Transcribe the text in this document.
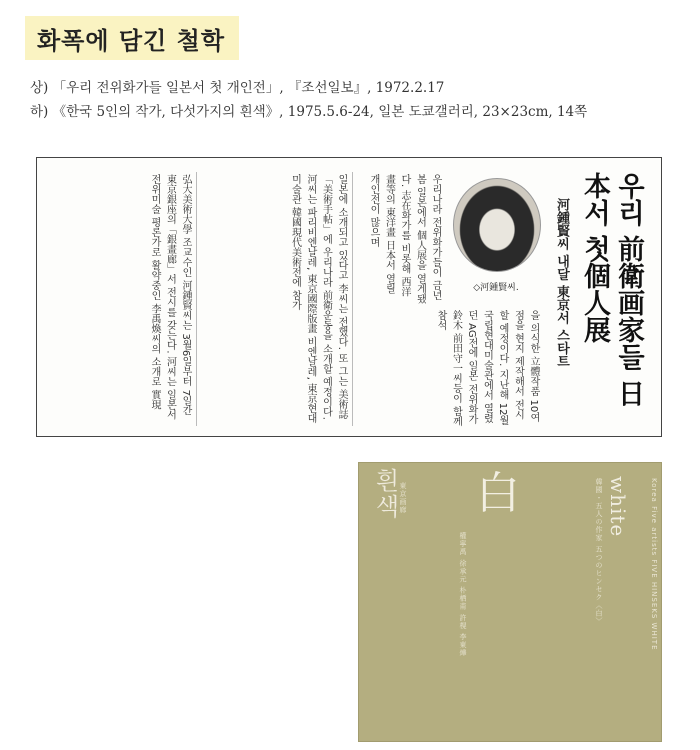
화폭에 담긴 철학
상) 「우리 전위화가들 일본서 첫 개인전」, 『조선일보』, 1972.2.17
하) 《한국 5인의 작가, 다섯가지의 흰색》, 1975.5.6-24, 일본 도쿄갤러리, 23×23cm, 14쪽
우리 前衛画家들 日本서 첫個人展
河鍾賢씨 내달 東京서 스타트
◇河鍾賢씨.
우리나라 전위화가들이 금년봄 일본에서 個人展을 열게됐다. 志在화가를 비롯해 西洋畫等의 東洋畫 日本서 열릴 개인전이 많으며
을 의식한 立體작품 10여점을 현지 제작해서 전시할 예정이다. 지난해 12월 국립현대미술관에서 열렸던 AG전에 일본 전위화가 鈴木 前田守一씨등이 함께 참석
일본에 소개되고 있다고 李씨는 전했다. 또 그는 美術誌「美術手帖」에 우리나라 前衛운동을 소개할 예정이다. 河씨는 파리비엔날레, 東京國際版畫 비엔날레, 東京현대미술관 韓國現代美術전에 참가
弘大美術大學 조교수인 河鍾賢씨는 3월6일부터 7일간 東京銀座의「銀畫廊」서 전시를 갖는다. 河씨는 일본서 전위미술 평론가로 활약중인 李禹煥씨의 소개로 實現
흰색 東京画廊
權寧禹 徐承元 朴栖甫 許榥 李東燁
白	韓國・五人の作家 五つのヒンセク〈白〉 white	Korea Five artists FIVE HINSEKS WHITE
